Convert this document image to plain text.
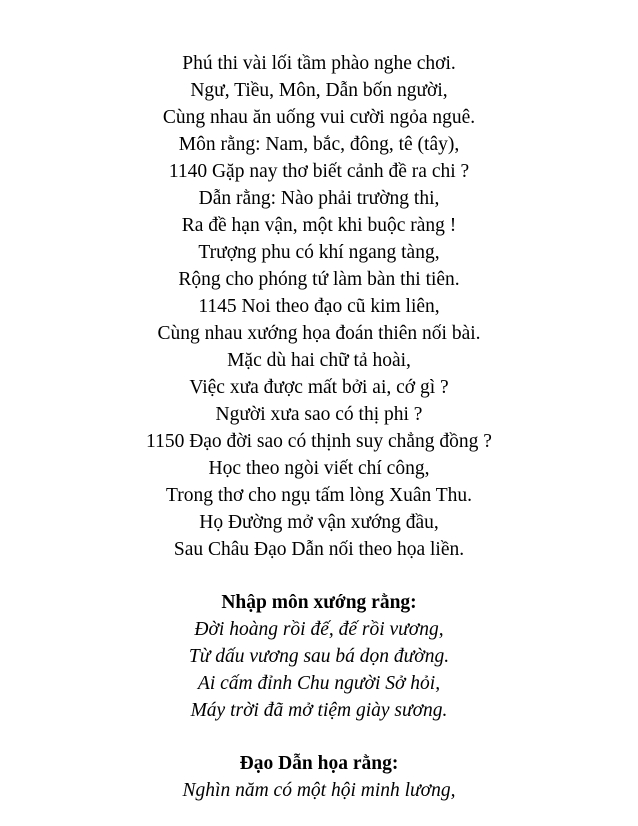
Phú thi vài lối tầm phào nghe chơi.
Ngư, Tiều, Môn, Dẫn bốn người,
Cùng nhau ăn uống vui cười ngỏa nguê.
Môn rằng: Nam, bắc, đông, tê (tây),
1140 Gặp nay thơ biết cảnh đề ra chi ?
Dẫn rằng: Nào phải trường thi,
Ra đề hạn vận, một khi buộc ràng !
Trượng phu có khí ngang tàng,
Rộng cho phóng tứ làm bàn thi tiên.
1145 Noi theo đạo cũ kim liên,
Cùng nhau xướng họa đoán thiên nối bài.
Mặc dù hai chữ tả hoài,
Việc xưa được mất bởi ai, cớ gì ?
Người xưa sao có thị phi ?
1150 Đạo đời sao có thịnh suy chẳng đồng ?
Học theo ngòi viết chí công,
Trong thơ cho ngụ tấm lòng Xuân Thu.
Họ Đường mở vận xướng đầu,
Sau Châu Đạo Dẫn nối theo họa liền.
Nhập môn xướng rằng:
Đời hoàng rồi đế, đế rồi vương,
Từ dấu vương sau bá dọn đường.
Ai cấm đỉnh Chu người Sở hỏi,
Máy trời đã mở tiệm giày sương.
Đạo Dẫn họa rằng:
Nghìn năm có một hội minh lương,
